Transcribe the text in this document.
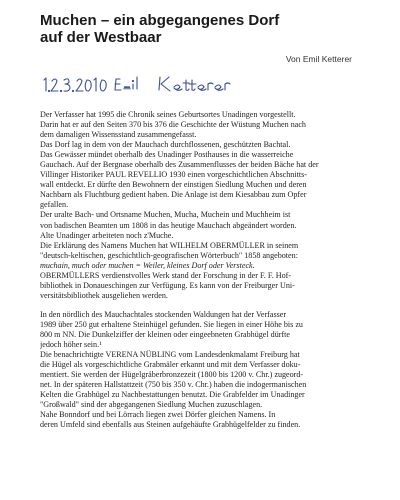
Muchen – ein abgegangenes Dorf
auf der Westbaar
Von Emil Ketterer

Der Verfasser hat 1995 die Chronik seines Geburtsortes Unadingen vorgestellt.
Darin hat er auf den Seiten 370 bis 376 die Geschichte der Wüstung Muchen nach
dem damaligen Wissensstand zusammengefasst.

Das Dorf lag in dem von der Mauchach durchflossenen, geschützten Bachtal.
Das Gewässer mündet oberhalb des Unadinger Posthauses in die wasserreiche
Gauchach. Auf der Bergnase oberhalb des Zusammenflusses der beiden Bäche hat der
Villinger Historiker PAUL REVELLIO 1930 einen vorgeschichtlichen Abschnitts-
wall entdeckt. Er dürfte den Bewohnern der einstigen Siedlung Muchen und deren
Nachbarn als Fluchtburg gedient haben. Die Anlage ist dem Kiesabbau zum Opfer
gefallen.

Der uralte Bach- und Ortsname Muchen, Mucha, Muchein und Muchheim ist
von badischen Beamten um 1808 in das heutige Mauchach abgeändert worden.
Alte Unadinger arbeiteten noch z'Muche.

Die Erklärung des Namens Muchen hat WILHELM OBERMÜLLER in seinem
"deutsch-keltischen, geschichtlich-geografischen Wörterbuch" 1858 angeboten:
muchain, much oder muchen = Weiler, kleines Dorf oder Versteck.

OBERMÜLLERS verdienstvolles Werk stand der Forschung in der F. F. Hof-
bibliothek in Donaueschingen zur Verfügung. Es kann von der Freiburger Uni-
versitätsbibliothek ausgeliehen werden.

In den nördlich des Mauchachtales stockenden Waldungen hat der Verfasser
1989 über 250 gut erhaltene Steinhügel gefunden. Sie liegen in einer Höhe bis zu
800 m NN. Die Dunkelziffer der kleinen oder eingeebneten Grabhügel dürfte
jedoch höher sein.¹

Die benachrichtigte VERENA NÜBLING vom Landesdenkmalamt Freiburg hat
die Hügel als vorgeschichtliche Grabmäler erkannt und mit dem Verfasser doku-
mentiert. Sie werden der Hügelgräberbronzezeit (1800 bis 1200 v. Chr.) zugeord-
net. In der späteren Hallstattzeit (750 bis 350 v. Chr.) haben die indogermanischen
Kelten die Grabhügel zu Nachbestattungen benutzt. Die Grabfelder im Unadinger
"Großwald" sind der abgegangenen Siedlung Muchen zuzuschlagen.

Nahe Bonndorf und bei Lörrach liegen zwei Dörfer gleichen Namens. In
deren Umfeld sind ebenfalls aus Steinen aufgehäufte Grabhügelfelder zu finden.
